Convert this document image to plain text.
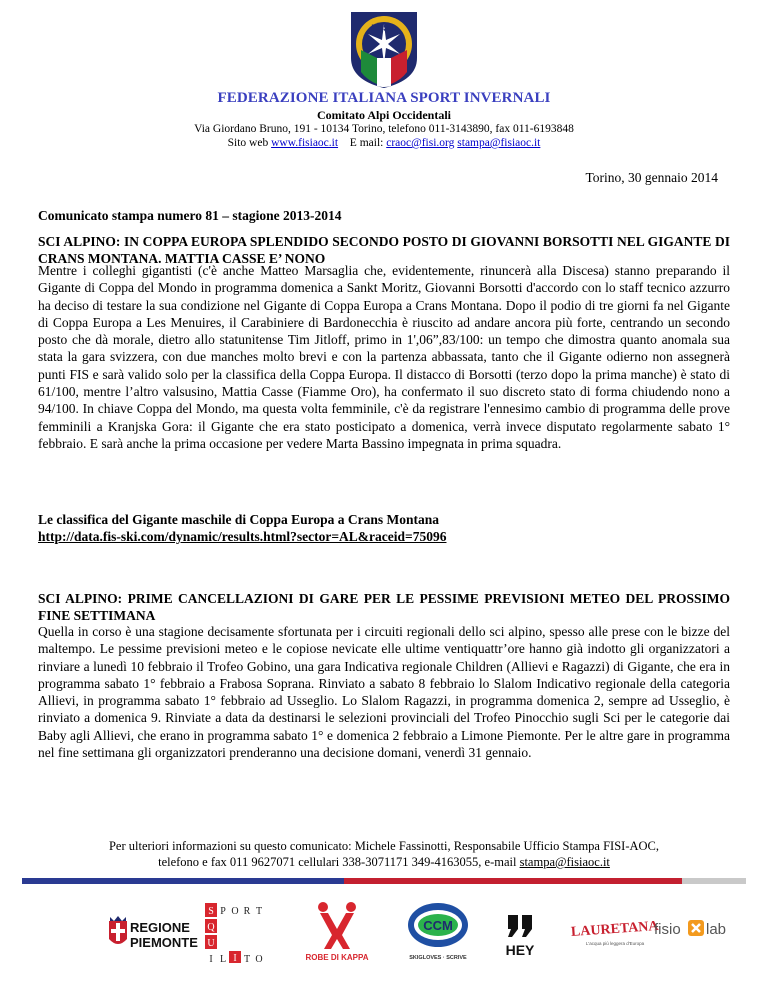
F.I.S.I.
FEDERAZIONE ITALIANA SPORT INVERNALI
Comitato Alpi Occidentali
Via Giordano Bruno, 191 - 10134 Torino, telefono 011-3143890, fax 011-6193848
Sito web www.fisiaoc.it E mail: craoc@fisi.org stampa@fisiaoc.it
Torino, 30 gennaio 2014
Comunicato stampa numero 81 – stagione 2013-2014
SCI ALPINO: IN COPPA EUROPA SPLENDIDO SECONDO POSTO DI GIOVANNI BORSOTTI NEL GIGANTE DI CRANS MONTANA. MATTIA CASSE E’ NONO
Mentre i colleghi gigantisti (c'è anche Matteo Marsaglia che, evidentemente, rinuncerà alla Discesa) stanno preparando il Gigante di Coppa del Mondo in programma domenica a Sankt Moritz, Giovanni Borsotti d'accordo con lo staff tecnico azzurro ha deciso di testare la sua condizione nel Gigante di Coppa Europa a Crans Montana. Dopo il podio di tre giorni fa nel Gigante di Coppa Europa a Les Menuires, il Carabiniere di Bardonecchia è riuscito ad andare ancora più forte, centrando un secondo posto che dà morale, dietro allo statunitense Tim Jitloff, primo in 1',06”,83/100: un tempo che dimostra quanto anomala sua stata la gara svizzera, con due manches molto brevi e con la partenza abbassata, tanto che il Gigante odierno non assegnerà punti FIS e sarà valido solo per la classifica della Coppa Europa. Il distacco di Borsotti (terzo dopo la prima manche) è stato di 61/100, mentre l’altro valsusino, Mattia Casse (Fiamme Oro), ha confermato il suo discreto stato di forma chiudendo nono a 94/100. In chiave Coppa del Mondo, ma questa volta femminile, c'è da registrare l'ennesimo cambio di programma delle prove femminili a Kranjska Gora: il Gigante che era stato posticipato a domenica, verrà invece disputato regolarmente sabato 1° febbraio. E sarà anche la prima occasione per vedere Marta Bassino impegnata in prima squadra.
Le classifica del Gigante maschile di Coppa Europa a Crans Montana
http://data.fis-ski.com/dynamic/results.html?sector=AL&raceid=75096
SCI ALPINO: PRIME CANCELLAZIONI DI GARE PER LE PESSIME PREVISIONI METEO DEL PROSSIMO FINE SETTIMANA
Quella in corso è una stagione decisamente sfortunata per i circuiti regionali dello sci alpino, spesso alle prese con le bizze del maltempo. Le pessime previsioni meteo e le copiose nevicate elle ultime ventiquattr’ore hanno già indotto gli organizzatori a rinviare a lunedì 10 febbraio il Trofeo Gobino, una gara Indicativa regionale Children (Allievi e Ragazzi) di Gigante, che era in programma sabato 1° febbraio a Frabosa Soprana. Rinviato a sabato 8 febbraio lo Slalom Indicativo regionale della categoria Allievi, in programma sabato 1° febbraio ad Usseglio. Lo Slalom Ragazzi, in programma domenica 2, sempre ad Usseglio, è rinviato a domenica 9. Rinviate a data da destinarsi le selezioni provinciali del Trofeo Pinocchio sugli Sci per le categorie dai Baby agli Allievi, che erano in programma sabato 1° e domenica 2 febbraio a Limone Piemonte. Per le altre gare in programma nel fine settimana gli organizzatori prenderanno una decisione domani, venerdì 31 gennaio.
Per ulteriori informazioni su questo comunicato: Michele Fassinotti, Responsabile Ufficio Stampa FISI-AOC,
telefono e fax 011 9627071 cellulari 338-3071171 349-4163055, e-mail stampa@fisiaoc.it
REGIONE
PIEMONTE
S P O R T
Q
U
I L I T O	ROBE DI KAPPA
CCM
SKIGLOVES · SCRIVE	HEY
LAURETANA
L'acqua più leggera d'Europa
fisio lab
